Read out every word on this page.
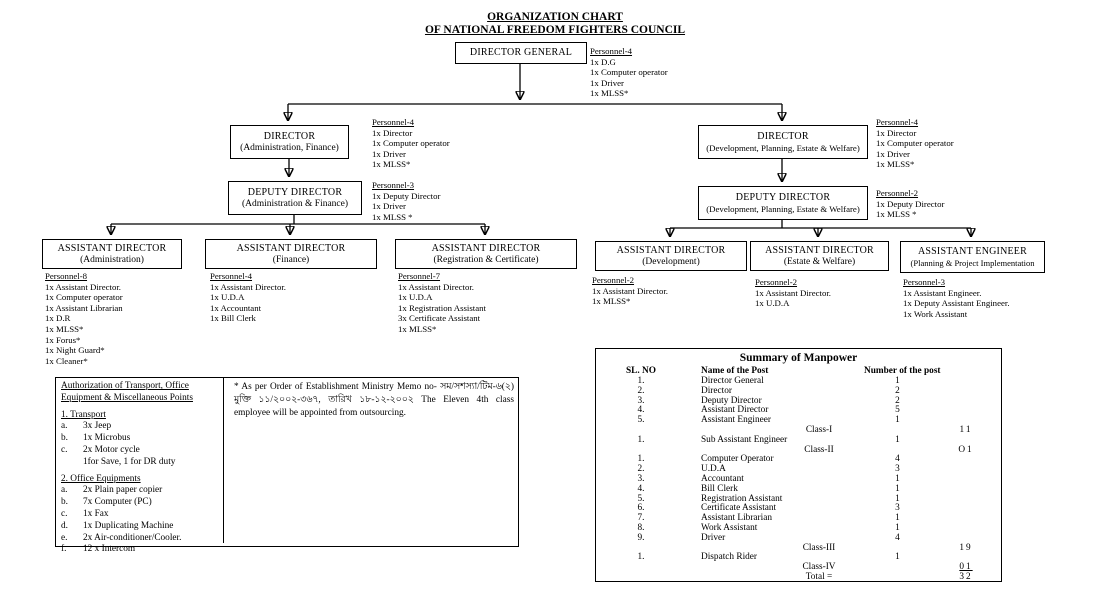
ORGANIZATION CHART
OF NATIONAL FREEDOM FIGHTERS COUNCIL
DIRECTOR GENERAL
DIRECTOR
(Administration, Finance)
DIRECTOR
(Development, Planning, Estate & Welfare)
DEPUTY DIRECTOR
(Administration & Finance)
DEPUTY DIRECTOR
(Development, Planning, Estate & Welfare)
ASSISTANT DIRECTOR
(Administration)
ASSISTANT DIRECTOR
(Finance)
ASSISTANT DIRECTOR
(Registration & Certificate)
ASSISTANT DIRECTOR
(Development)
ASSISTANT DIRECTOR
(Estate & Welfare)
ASSISTANT ENGINEER
(Planning & Project Implementation
Personnel-4
1x D.G
1x Computer operator
1x Driver
1x MLSS*
Personnel-4
1x Director
1x Computer operator
1x Driver
1x MLSS*
Personnel-4
1x Director
1x Computer operator
1x Driver
1x MLSS*
Personnel-3
1x Deputy Director
1x Driver
1x MLSS *
Personnel-2
1x Deputy Director
1x MLSS *
Personnel-8
1x Assistant Director.
1x Computer operator
1x Assistant Librarian
1x D.R
1x MLSS*
1x Forus*
1x Night Guard*
1x Cleaner*
Personnel-4
1x Assistant Director.
1x U.D.A
1x Accountant
1x Bill Clerk
Personnel-7
1x Assistant Director.
1x U.D.A
1x Registration Assistant
3x Certificate Assistant
1x MLSS*
Personnel-2
1x Assistant Director.
1x MLSS*
Personnel-2
1x Assistant Director.
1x U.D.A
Personnel-3
1x Assistant Engineer.
1x Deputy Assistant Engineer.
1x Work Assistant
Authorization of Transport, Office
Equipment & Miscellaneous Points
1. Transport
a.	3x Jeep
b.	1x Microbus
c.	2x Motor cycle
1for Save, 1 for DR duty
2. Office Equipments
a.	2x Plain paper copier
b.	7x Computer (PC)
c.	1x Fax
d.	1x Duplicating Machine
e.	2x Air-conditioner/Cooler.
f.	12 x Intercom
* As per Order of Establishment Ministry Memo no- সম/সশস্যা/টিম-৬(২) মুক্তি ১১/২০০২-৩৬৭, তারিখ ১৮-১২-২০০২ The Eleven 4th class employee will be appointed from outsourcing.
Summary of Manpower
SL. NO	Name of the Post	Number of the post
1.	Director General	1
2.	Director	2
3.	Deputy Director	2
4.	Assistant Director	5
5.	Assistant Engineer	1
Class-I	11
1.	Sub Assistant Engineer	1
Class-II	O1
1.	Computer Operator	4
2.	U.D.A	3
3.	Accountant	1
4.	Bill Clerk	1
5.	Registration Assistant	1
6.	Certificate Assistant	3
7.	Assistant Librarian	1
8.	Work Assistant	1
9.	Driver	4
Class-III	19
1.	Dispatch Rider	1
Class-IV	01
Total =	32
